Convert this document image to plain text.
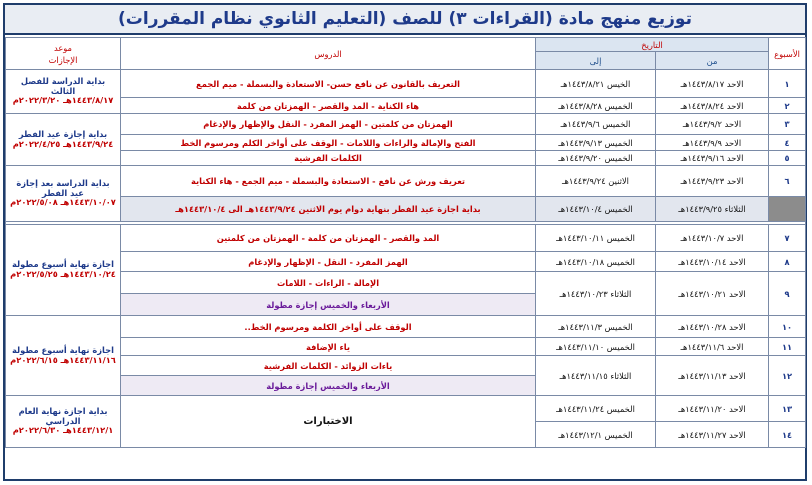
توزيع منهج مادة (القراءات ٣) للصف (التعليم الثانوي نظام المقررات)
الأسبوع	التاريخ		الدروس	موعد
الإجازات
	من	إلى		
١	الاحد ١٤٤٣/٨/١٧هـ	الخيس ١٤٤٣/٨/٢١هـ	التعريف بالقانون عن نافع حسن- الاستعادة والبسملة - ميم الجمع	بداية الدراسة للفصل الثالث
١٤٤٣/٨/١٧هـ ٢٠٢٢/٣/٢٠م

٢	الاحد ١٤٤٣/٨/٢٤هـ	الخميس ١٤٤٣/٨/٢٨هـ	هاء الكناية - المد والقصر - الهمزتان من كلمة	
٣	الاحد ١٤٤٣/٩/٢هـ	الخميس ١٤٤٣/٩/٦هـ	الهمزتان من كلمتين - الهمز المفرد - النقل والإظهار والإدغام	بداية إجازة عيد الفطر
١٤٤٣/٩/٢٤هـ ٢٠٢٢/٤/٢٥م

٤	الاحد ١٤٤٣/٩/٩هـ	الخميس ١٤٤٣/٩/١٣هـ	الفتح والإمالة والراءات واللامات - الوقف على أواخر الكلم ومرسوم الخط	
٥	الاحد ١٤٤٣/٩/١٦هـ	الخميس ١٤٤٣/٩/٢٠هـ	الكلمات الفرشية	
٦	الاحد ١٤٤٣/٩/٢٣هـ	الاثنين ١٤٤٣/٩/٢٤هـ	تعريف ورش عن نافع - الاستعادة والبسملة - ميم الجمع - هاء الكناية	بداية الدراسة بعد إجازة عيد الفطر
١٤٤٣/١٠/٠٧هـ ٢٠٢٢/٥/٠٨م

	الثلاثاء ١٤٤٣/٩/٢٥هـ	الخميس ١٤٤٣/١٠/٤هـ	بداية اجازة عيد الفطر بنهاية دوام يوم الاثنين ١٤٤٣/٩/٢٤هـ الى ١٤٤٣/١٠/٤هـ	

٧	الاحد ١٤٤٣/١٠/٧هـ	الخميس ١٤٤٣/١٠/١١هـ	المد والقصر - الهمزتان من كلمة - الهمزتان من كلمتين	اجازة نهاية أسبوع مطولة
١٤٤٣/١٠/٢٤هـ ٢٠٢٢/٥/٢٥م

٨	الاحد ١٤٤٣/١٠/١٤هـ	الخميس ١٤٤٣/١٠/١٨هـ	الهمز المفرد - النقل - الإظهار والإدغام	
٩	الاحد ١٤٤٣/١٠/٢١هـ	الثلاثاء ١٤٤٣/١٠/٢٣هـ	الإمالة - الراءات - اللامات	
			الأربعاء والخميس إجازة مطولة	
١٠	الاحد ١٤٤٣/١٠/٢٨هـ	الخميس ١٤٤٣/١١/٣هـ	الوقف على أواخر الكلمة ومرسوم الخط..	اجازة نهاية أسبوع مطولة
١٤٤٣/١١/١٦هـ ٢٠٢٢/٦/١٥م

١١	الاحد ١٤٤٣/١١/٦هـ	الخميس ١٤٤٣/١١/١٠هـ	ياء الإضافة	
١٢	الاحد ١٤٤٣/١١/١٣هـ	الثلاثاء ١٤٤٣/١١/١٥هـ	ياءات الزوائد - الكلمات الفرشية	
			الأربعاء والخميس إجازة مطولة	
١٣	الاحد ١٤٤٣/١١/٢٠هـ	الخميس ١٤٤٣/١١/٢٤هـ	الاختبارات	بداية اجازة نهاية العام الدراسي
١٤٤٣/١٢/١هـ ٢٠٢٢/٦/٣٠م

١٤	الاحد ١٤٤٣/١١/٢٧هـ	الخميس ١٤٤٣/١٢/١هـ		
